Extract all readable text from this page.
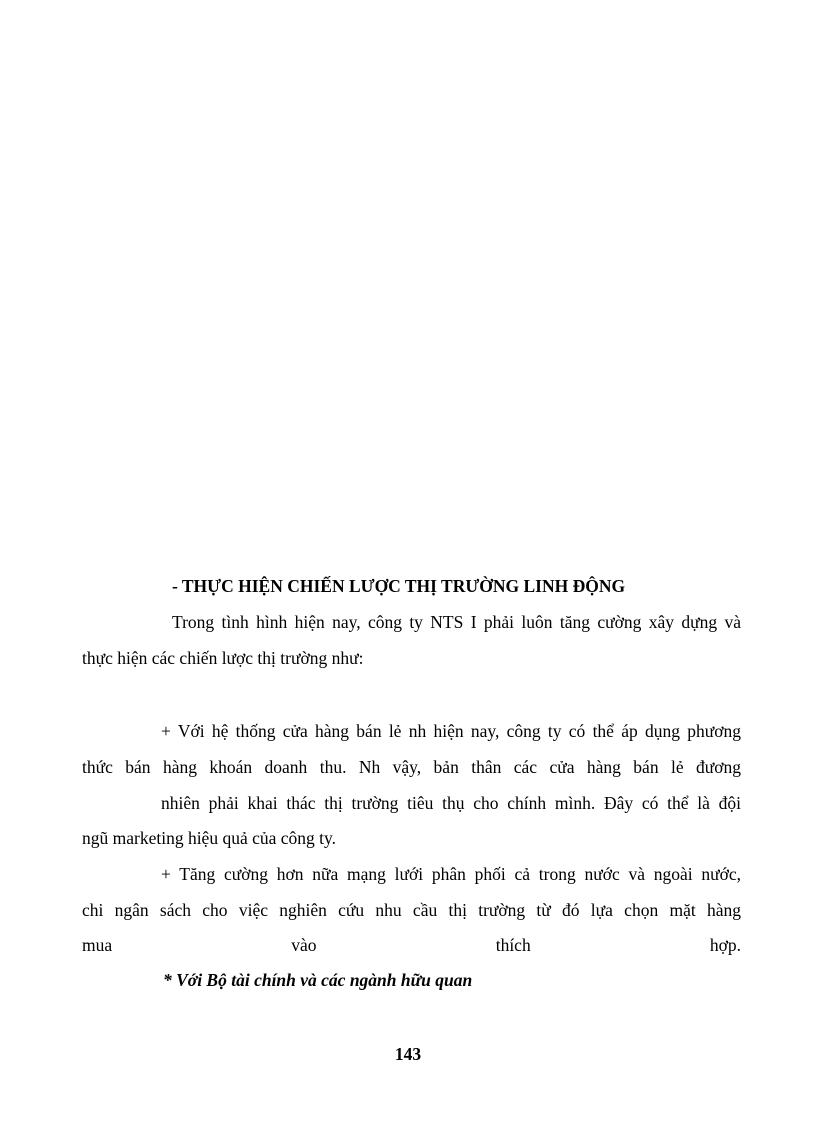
- THỰC HIỆN CHIẾN LƯỢC THỊ TRƯỜNG LINH ĐỘNG
Trong tình hình hiện nay, công ty NTS I phải luôn tăng cường xây dựng và
thực hiện các chiến lược thị trường như:
+ Với hệ thống cửa hàng bán lẻ nh hiện nay, công ty có thể áp dụng phương
thức bán hàng khoán doanh thu. Nh vậy, bản thân các cửa hàng bán lẻ đương
nhiên phải khai thác thị trường tiêu thụ cho chính mình. Đây có thể là đội
ngũ marketing hiệu quả của công ty.
+ Tăng cường hơn nữa mạng lưới phân phối cả trong nước và ngoài nước,
chi ngân sách cho việc nghiên cứu nhu cầu thị trường từ đó lựa chọn mặt hàng
mua vào thích hợp.
* Với Bộ tài chính và các ngành hữu quan
143
